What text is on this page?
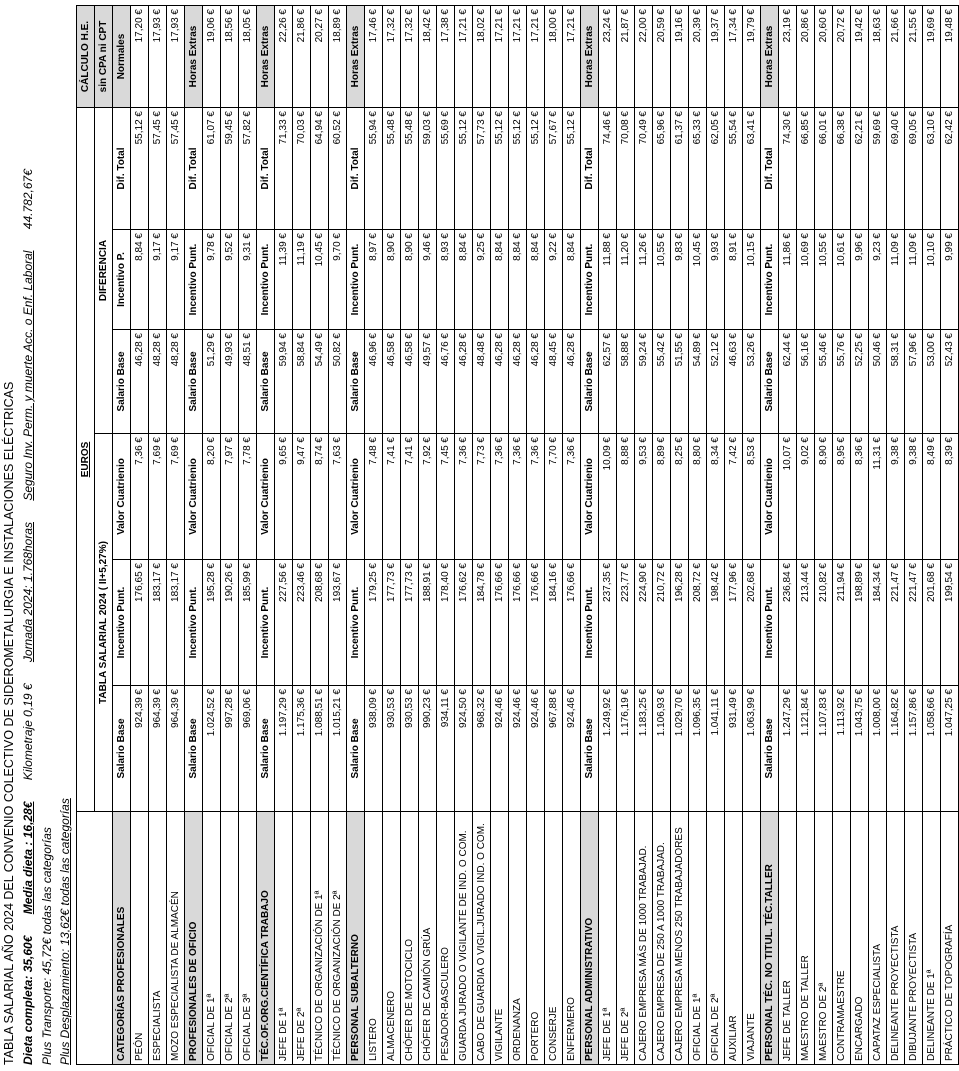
TABLA SALARIAL AÑO 2024 DEL CONVENIO COLECTIVO DE SIDEROMETALURGIA E INSTALACIONES ELÉCTRICAS Dieta completa: 35,60€ Media dieta : 16,28€ Kilometraje 0,19 € Jornada 2024: 1.768horas Seguro Inv. Perm. y muerte Acc. o Enf. Laboral 44.782,67€
Plus Transporte: 45,72€ todas las categorías Plus Desplazamiento: 13,62€ todas las categorías
	EUROS						CÁLCULO H.E.
	TABLA SALARIAL 2024 ( II+5,27%)			DIFERENCIA			sin CPA ni CPT
CATEGORÍAS PROFESIONALES	Salario Base	Incentivo Punt.	Valor Cuatrienio	Salario Base	Incentivo P.	Dif. Total	Normales
PEÓN	924,39 €	176,65 €	7,36 €	46,28 €	8,84 €	55,12 €	17,20 €
ESPECIALISTA	964,39 €	183,17 €	7,69 €	48,28 €	9,17 €	57,45 €	17,93 €
MOZO ESPECIALISTA DE ALMACÉN	964,39 €	183,17 €	7,69 €	48,28 €	9,17 €	57,45 €	17,93 €
PROFESIONALES DE OFICIO	Salario Base	Incentivo Punt.	Valor Cuatrienio	Salario Base	Incentivo Punt.	Dif. Total	Horas Extras
OFICIAL DE 1ª	1.024,52 €	195,28 €	8,20 €	51,29 €	9,78 €	61,07 €	19,06 €
OFICIAL DE 2ª	997,28 €	190,26 €	7,97 €	49,93 €	9,52 €	59,45 €	18,56 €
OFICIAL DE 3ª	969,06 €	185,99 €	7,78 €	48,51 €	9,31 €	57,82 €	18,05 €
TÉC.OF.ORG.CIENTÍFICA TRABAJO	Salario Base	Incentivo Punt.	Valor Cuatrienio	Salario Base	Incentivo Punt.	Dif. Total	Horas Extras
JEFE DE 1ª	1.197,29 €	227,56 €	9,65 €	59,94 €	11,39 €	71,33 €	22,26 €
JEFE DE 2ª	1.175,36 €	223,46 €	9,47 €	58,84 €	11,19 €	70,03 €	21,86 €
TÉCNICO DE ORGANIZACIÓN DE 1ª	1.088,51 €	208,68 €	8,74 €	54,49 €	10,45 €	64,94 €	20,27 €
TÉCNICO DE ORGANIZACIÓN DE 2ª	1.015,21 €	193,67 €	7,63 €	50,82 €	9,70 €	60,52 €	18,89 €
PERSONAL SUBALTERNO	Salario Base	Incentivo Punt.	Valor Cuatrienio	Salario Base	Incentivo Punt.	Dif. Total	Horas Extras
LISTERO	938,09 €	179,25 €	7,48 €	46,96 €	8,97 €	55,94 €	17,46 €
ALMACENERO	930,53 €	177,73 €	7,41 €	46,58 €	8,90 €	55,48 €	17,32 €
CHÓFER DE MOTOCICLO	930,53 €	177,73 €	7,41 €	46,58 €	8,90 €	55,48 €	17,32 €
CHÓFER DE CAMIÓN GRÚA	990,23 €	188,91 €	7,92 €	49,57 €	9,46 €	59,03 €	18,42 €
PESADOR-BASCULERO	934,11 €	178,40 €	7,45 €	46,76 €	8,93 €	55,69 €	17,38 €
GUARDA JURADO O VIGILANTE DE IND. O COM.	924,50 €	176,62 €	7,36 €	46,28 €	8,84 €	55,12 €	17,21 €
CABO DE GUARDIA O VIGIL.JURADO IND. O COM.	968,32 €	184,78 €	7,73 €	48,48 €	9,25 €	57,73 €	18,02 €
VIGILANTE	924,46 €	176,66 €	7,36 €	46,28 €	8,84 €	55,12 €	17,21 €
ORDENANZA	924,46 €	176,66 €	7,36 €	46,28 €	8,84 €	55,12 €	17,21 €
PORTERO	924,46 €	176,66 €	7,36 €	46,28 €	8,84 €	55,12 €	17,21 €
CONSERJE	967,88 €	184,16 €	7,70 €	48,45 €	9,22 €	57,67 €	18,00 €
ENFERMERO	924,46 €	176,66 €	7,36 €	46,28 €	8,84 €	55,12 €	17,21 €
PERSONAL ADMINISTRATIVO	Salario Base	Incentivo Punt.	Valor Cuatrienio	Salario Base	Incentivo Punt.	Dif. Total	Horas Extras
JEFE DE 1ª	1.249,92 €	237,35 €	10,09 €	62,57 €	11,88 €	74,46 €	23,24 €
JEFE DE 2ª	1.176,19 €	223,77 €	8,88 €	58,88 €	11,20 €	70,08 €	21,87 €
CAJERO EMPRESA MÁS DE 1000 TRABAJAD.	1.183,25 €	224,90 €	9,53 €	59,24 €	11,26 €	70,49 €	22,00 €
CAJERO EMPRESA DE 250 A 1000 TRABAJAD.	1.106,93 €	210,72 €	8,89 €	55,42 €	10,55 €	65,96 €	20,59 €
CAJERO EMPRESA MENOS 250 TRABAJADORES	1.029,70 €	196,28 €	8,25 €	51,55 €	9,83 €	61,37 €	19,16 €
OFICIAL DE 1ª	1.096,35 €	208,72 €	8,80 €	54,89 €	10,45 €	65,33 €	20,39 €
OFICIAL DE 2ª	1.041,11 €	198,42 €	8,34 €	52,12 €	9,93 €	62,05 €	19,37 €
AUXILIAR	931,49 €	177,96 €	7,42 €	46,63 €	8,91 €	55,54 €	17,34 €
VIAJANTE	1.063,99 €	202,68 €	8,53 €	53,26 €	10,15 €	63,41 €	19,79 €
PERSONAL TÉC. NO TITUL. TÉC.TALLER	Salario Base	Incentivo Punt.	Valor Cuatrienio	Salario Base	Incentivo Punt.	Dif. Total	Horas Extras
JEFE DE TALLER	1.247,29 €	236,84 €	10,07 €	62,44 €	11,86 €	74,30 €	23,19 €
MAESTRO DE TALLER	1.121,84 €	213,44 €	9,02 €	56,16 €	10,69 €	66,85 €	20,86 €
MAESTRO DE 2ª	1.107,83 €	210,82 €	8,90 €	55,46 €	10,55 €	66,01 €	20,60 €
CONTRAMAESTRE	1.113,92 €	211,94 €	8,95 €	55,76 €	10,61 €	66,38 €	20,72 €
ENCARGADO	1.043,75 €	198,89 €	8,36 €	52,25 €	9,96 €	62,21 €	19,42 €
CAPATAZ ESPECIALISTA	1.008,00 €	184,34 €	11,31 €	50,46 €	9,23 €	59,69 €	18,63 €
DELINEANTE PROYECTISTA	1.164,82 €	221,47 €	9,38 €	58,31 €	11,09 €	69,40 €	21,66 €
DIBUJANTE PROYECTISTA	1.157,86 €	221,47 €	9,38 €	57,96 €	11,09 €	69,05 €	21,55 €
DELINEANTE DE 1ª	1.058,66 €	201,68 €	8,49 €	53,00 €	10,10 €	63,10 €	19,69 €
PRÁCTICO DE TOPOGRAFÍA	1.047,25 €	199,54 €	8,39 €	52,43 €	9,99 €	62,42 €	19,48 €
